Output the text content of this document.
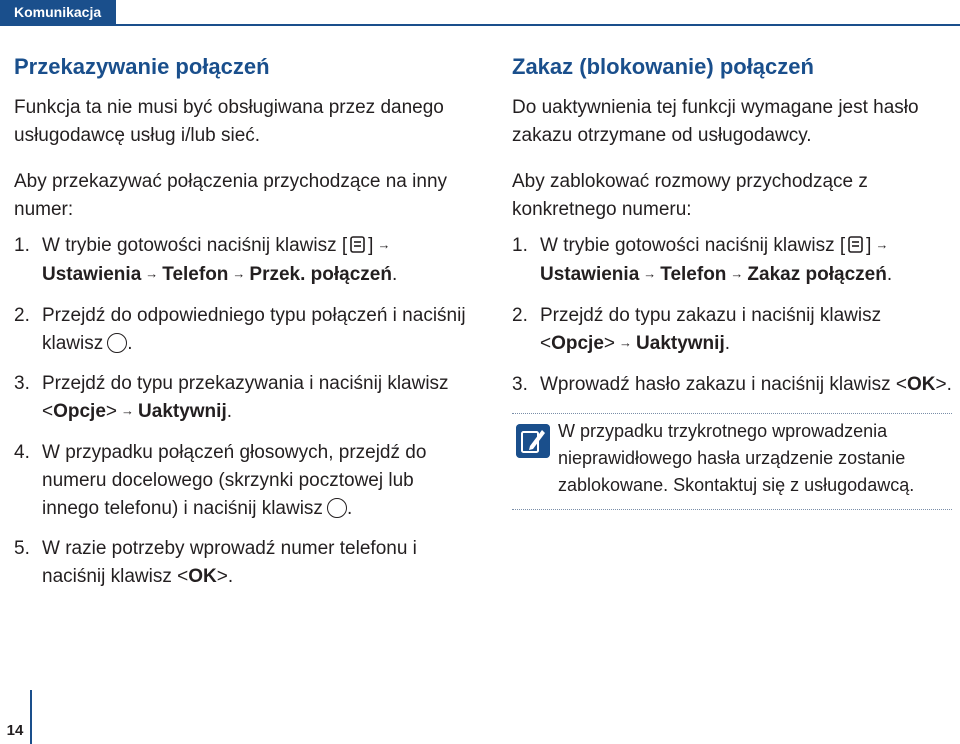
Komunikacja
Przekazywanie połączeń

Funkcja ta nie musi być obsługiwana przez danego usługodawcę usług i/lub sieć.

Aby przekazywać połączenia przychodzące na inny numer:

1. W trybie gotowości naciśnij klawisz [ ] →
Ustawienia → Telefon → Przek. połączeń.
2. Przejdź do odpowiedniego typu połączeń i naciśnij klawisz .
3. Przejdź do typu przekazywania i naciśnij klawisz <Opcje> → Uaktywnij.
4. W przypadku połączeń głosowych, przejdź do numeru docelowego (skrzynki pocztowej lub innego telefonu) i naciśnij klawisz .
5. W razie potrzeby wprowadź numer telefonu i naciśnij klawisz <OK>.
Zakaz (blokowanie) połączeń

Do uaktywnienia tej funkcji wymagane jest hasło zakazu otrzymane od usługodawcy.

Aby zablokować rozmowy przychodzące z konkretnego numeru:

1. W trybie gotowości naciśnij klawisz [ ] →
Ustawienia → Telefon → Zakaz połączeń.
2. Przejdź do typu zakazu i naciśnij klawisz <Opcje> → Uaktywnij.
3. Wprowadź hasło zakazu i naciśnij klawisz <OK>.
W przypadku trzykrotnego wprowadzenia nieprawidłowego hasła urządzenie zostanie zablokowane. Skontaktuj się z usługodawcą.
14
